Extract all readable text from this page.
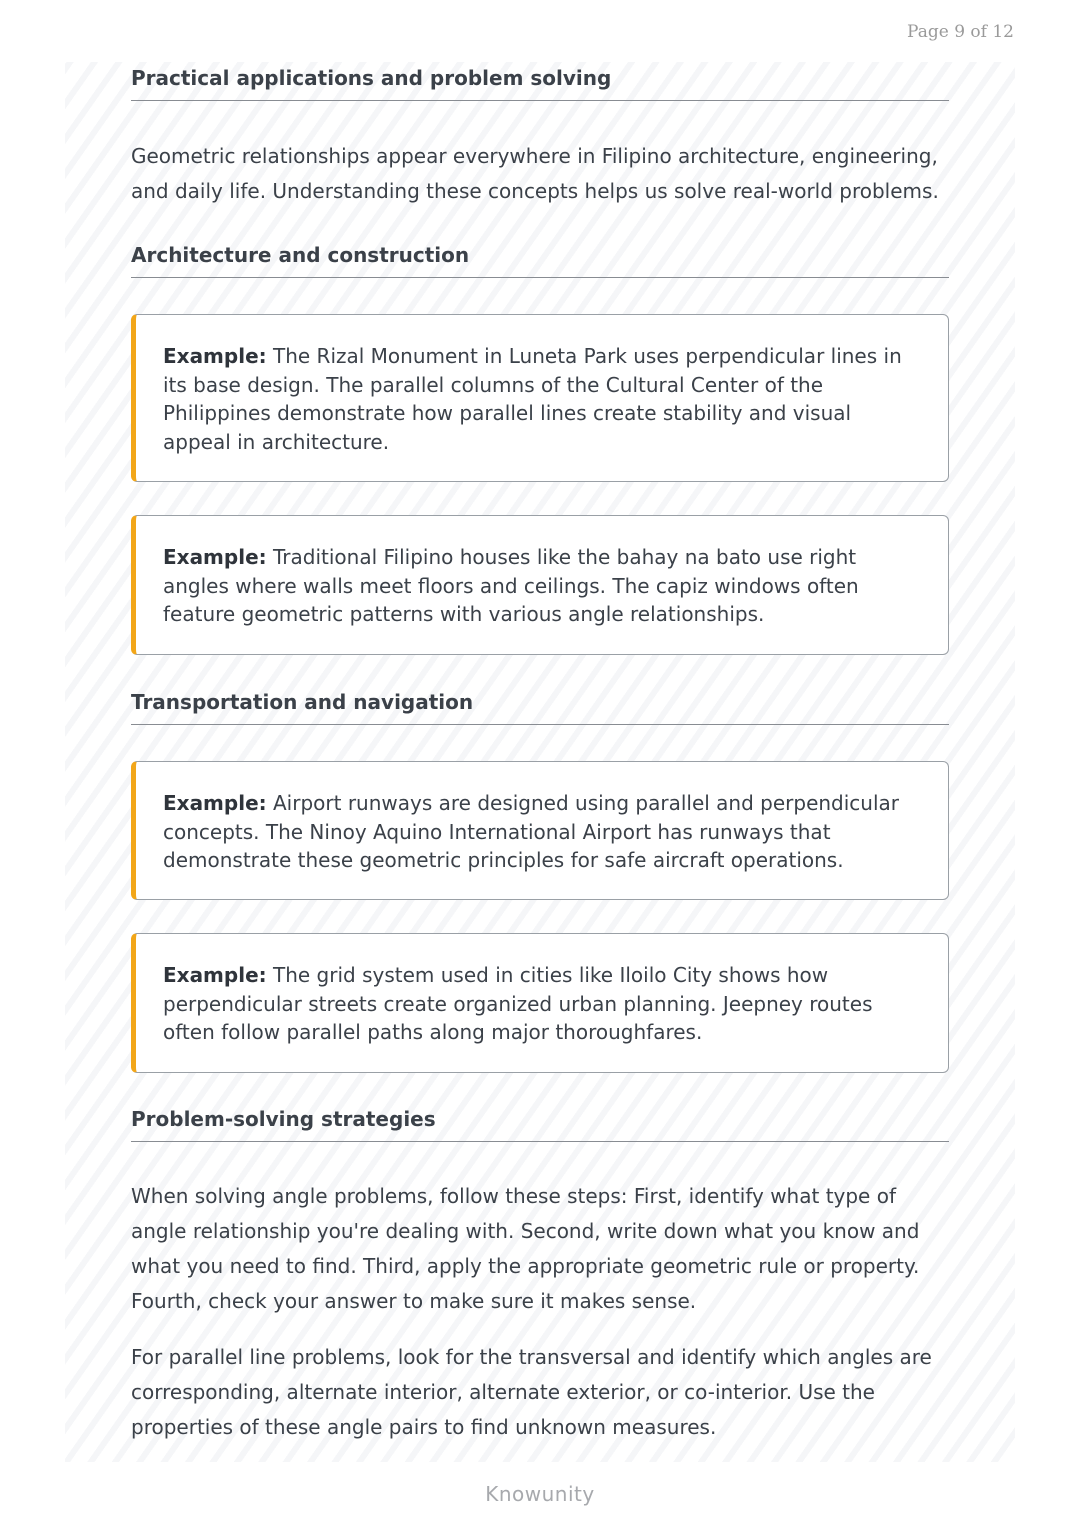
Page 9 of 12
Practical applications and problem solving
Geometric relationships appear everywhere in Filipino architecture, engineering, and daily life. Understanding these concepts helps us solve real-world problems.
Architecture and construction
Example: The Rizal Monument in Luneta Park uses perpendicular lines in its base design. The parallel columns of the Cultural Center of the Philippines demonstrate how parallel lines create stability and visual appeal in architecture.
Example: Traditional Filipino houses like the bahay na bato use right angles where walls meet floors and ceilings. The capiz windows often feature geometric patterns with various angle relationships.
Transportation and navigation
Example: Airport runways are designed using parallel and perpendicular concepts. The Ninoy Aquino International Airport has runways that demonstrate these geometric principles for safe aircraft operations.
Example: The grid system used in cities like Iloilo City shows how perpendicular streets create organized urban planning. Jeepney routes often follow parallel paths along major thoroughfares.
Problem-solving strategies
When solving angle problems, follow these steps: First, identify what type of angle relationship you're dealing with. Second, write down what you know and what you need to find. Third, apply the appropriate geometric rule or property. Fourth, check your answer to make sure it makes sense.
For parallel line problems, look for the transversal and identify which angles are corresponding, alternate interior, alternate exterior, or co-interior. Use the properties of these angle pairs to find unknown measures.
Knowunity
